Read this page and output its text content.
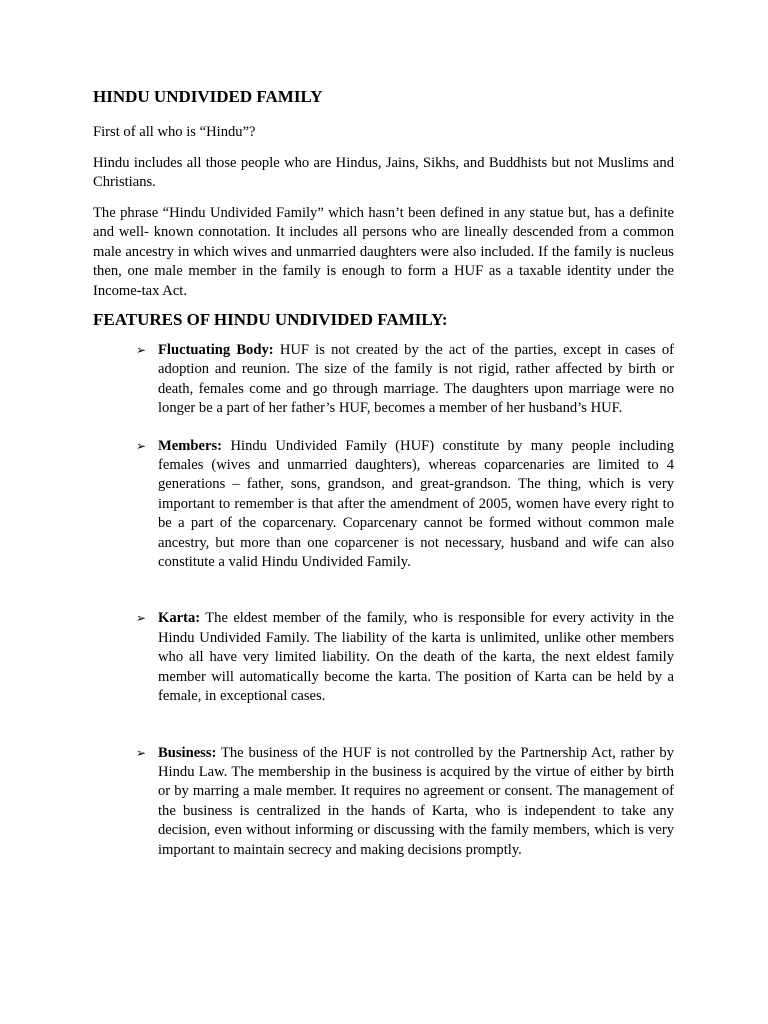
HINDU UNDIVIDED FAMILY

First of all who is “Hindu”?

Hindu includes all those people who are Hindus, Jains, Sikhs, and Buddhists but not Muslims and Christians.

The phrase “Hindu Undivided Family” which hasn’t been defined in any statue but, has a definite and well- known connotation. It includes all persons who are lineally descended from a common male ancestry in which wives and unmarried daughters were also included. If the family is nucleus then, one male member in the family is enough to form a HUF as a taxable identity under the Income-tax Act.

FEATURES OF HINDU UNDIVIDED FAMILY:
➢ Fluctuating Body: HUF is not created by the act of the parties, except in cases of adoption and reunion. The size of the family is not rigid, rather affected by birth or death, females come and go through marriage. The daughters upon marriage were no longer be a part of her father’s HUF, becomes a member of her husband’s HUF.
➢ Members: Hindu Undivided Family (HUF) constitute by many people including females (wives and unmarried daughters), whereas coparcenaries are limited to 4 generations – father, sons, grandson, and great-grandson. The thing, which is very important to remember is that after the amendment of 2005, women have every right to be a part of the coparcenary. Coparcenary cannot be formed without common male ancestry, but more than one coparcener is not necessary, husband and wife can also constitute a valid Hindu Undivided Family.
➢ Karta: The eldest member of the family, who is responsible for every activity in the Hindu Undivided Family. The liability of the karta is unlimited, unlike other members who all have very limited liability. On the death of the karta, the next eldest family member will automatically become the karta. The position of Karta can be held by a female, in exceptional cases.
➢ Business: The business of the HUF is not controlled by the Partnership Act, rather by Hindu Law. The membership in the business is acquired by the virtue of either by birth or by marring a male member. It requires no agreement or consent. The management of the business is centralized in the hands of Karta, who is independent to take any decision, even without informing or discussing with the family members, which is very important to maintain secrecy and making decisions promptly.
